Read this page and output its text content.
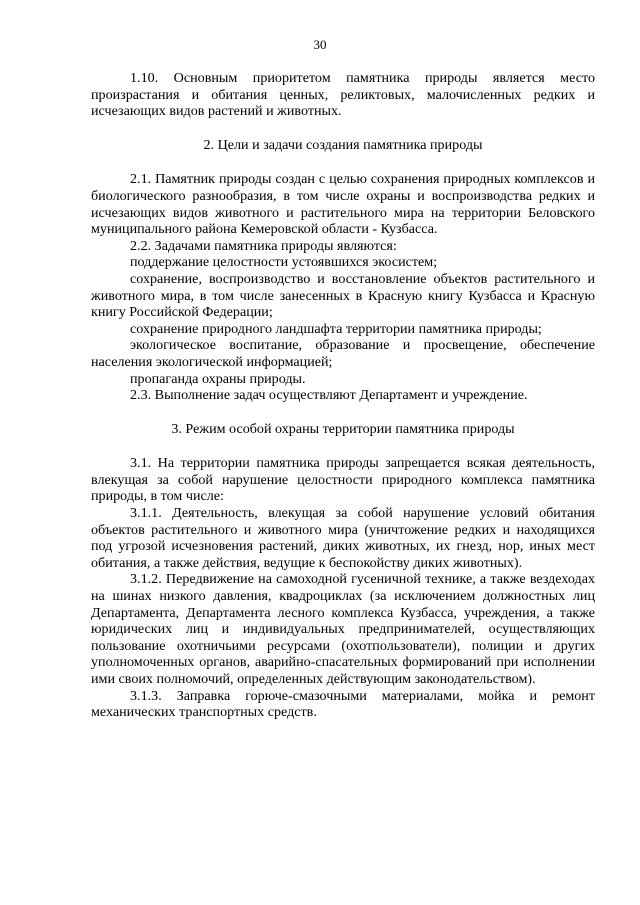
30

1.10. Основным приоритетом памятника природы является место произрастания и обитания ценных, реликтовых, малочисленных редких и исчезающих видов растений и животных.

2. Цели и задачи создания памятника природы

2.1. Памятник природы создан с целью сохранения природных комплексов и биологического разнообразия, в том числе охраны и воспроизводства редких и исчезающих видов животного и растительного мира на территории Беловского муниципального района Кемеровской области - Кузбасса.

2.2. Задачами памятника природы являются:

поддержание целостности устоявшихся экосистем;

сохранение, воспроизводство и восстановление объектов растительного и животного мира, в том числе занесенных в Красную книгу Кузбасса и Красную книгу Российской Федерации;

сохранение природного ландшафта территории памятника природы;

экологическое воспитание, образование и просвещение, обеспечение населения экологической информацией;

пропаганда охраны природы.

2.3. Выполнение задач осуществляют Департамент и учреждение.

3. Режим особой охраны территории памятника природы

3.1. На территории памятника природы запрещается всякая деятельность, влекущая за собой нарушение целостности природного комплекса памятника природы, в том числе:

3.1.1. Деятельность, влекущая за собой нарушение условий обитания объектов растительного и животного мира (уничтожение редких и находящихся под угрозой исчезновения растений, диких животных, их гнезд, нор, иных мест обитания, а также действия, ведущие к беспокойству диких животных).

3.1.2. Передвижение на самоходной гусеничной технике, а также вездеходах на шинах низкого давления, квадроциклах (за исключением должностных лиц Департамента, Департамента лесного комплекса Кузбасса, учреждения, а также юридических лиц и индивидуальных предпринимателей, осуществляющих пользование охотничьими ресурсами (охотпользователи), полиции и других уполномоченных органов, аварийно-спасательных формирований при исполнении ими своих полномочий, определенных действующим законодательством).

3.1.3. Заправка горюче-смазочными материалами, мойка и ремонт механических транспортных средств.
